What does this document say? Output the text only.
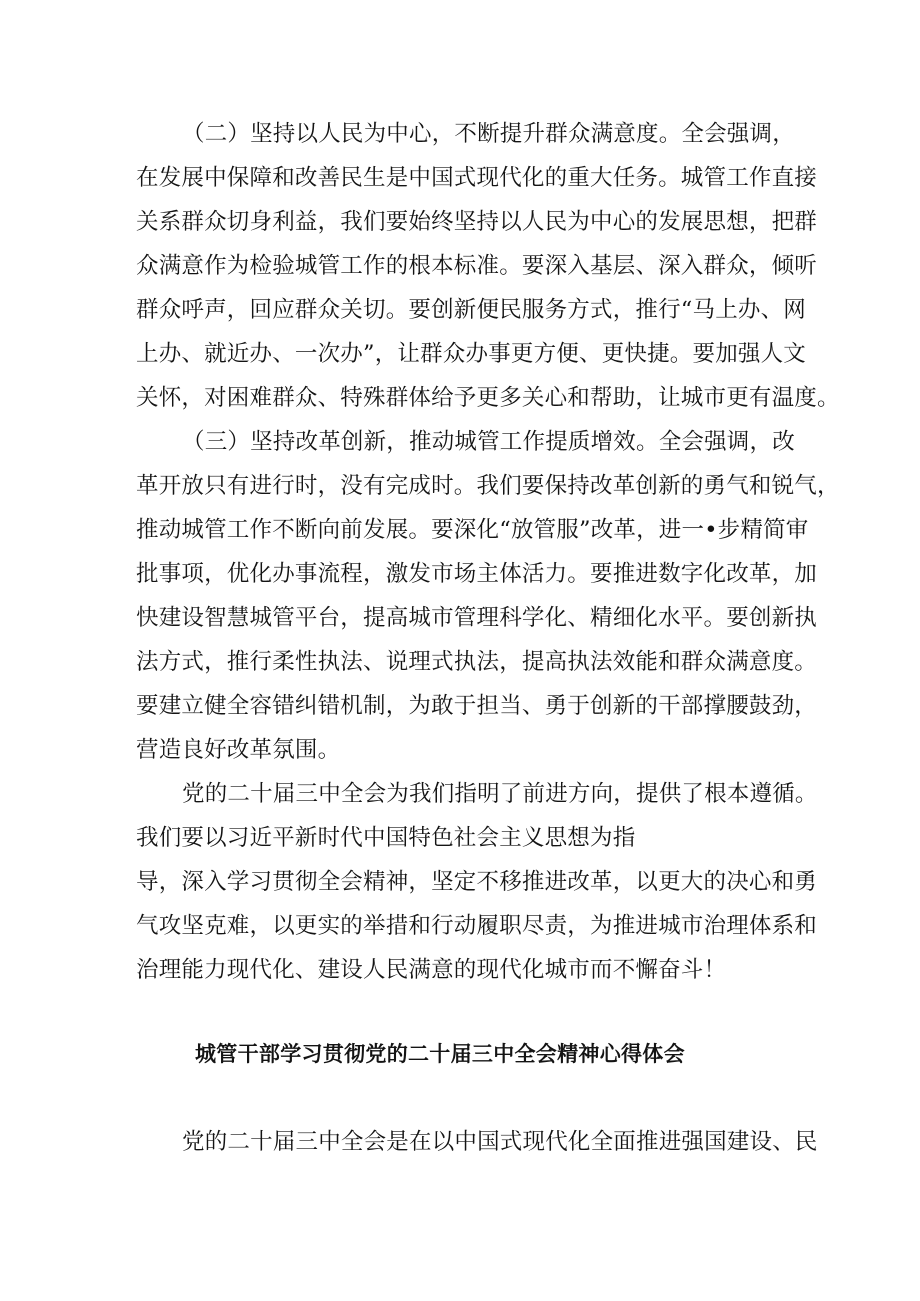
（二）坚持以人民为中心，不断提升群众满意度。全会强调，
在发展中保障和改善民生是中国式现代化的重大任务。城管工作直接
关系群众切身利益，我们要始终坚持以人民为中心的发展思想，把群
众满意作为检验城管工作的根本标准。要深入基层、深入群众，倾听
群众呼声，回应群众关切。要创新便民服务方式，推行“马上办、网
上办、就近办、一次办”，让群众办事更方便、更快捷。要加强人文
关怀，对困难群众、特殊群体给予更多关心和帮助，让城市更有温度。
（三）坚持改革创新，推动城管工作提质增效。全会强调，改
革开放只有进行时，没有完成时。我们要保持改革创新的勇气和锐气，
推动城管工作不断向前发展。要深化“放管服”改革，进一•步精简审
批事项，优化办事流程，激发市场主体活力。要推进数字化改革，加
快建设智慧城管平台，提高城市管理科学化、精细化水平。要创新执
法方式，推行柔性执法、说理式执法，提高执法效能和群众满意度。
要建立健全容错纠错机制，为敢于担当、勇于创新的干部撑腰鼓劲，
营造良好改革氛围。
党的二十届三中全会为我们指明了前进方向，提供了根本遵循。
我们要以习近平新时代中国特色社会主义思想为指
导，深入学习贯彻全会精神，坚定不移推进改革，以更大的决心和勇
气攻坚克难，以更实的举措和行动履职尽责，为推进城市治理体系和
治理能力现代化、建设人民满意的现代化城市而不懈奋斗！
城管干部学习贯彻党的二十届三中全会精神心得体会
党的二十届三中全会是在以中国式现代化全面推进强国建设、民
